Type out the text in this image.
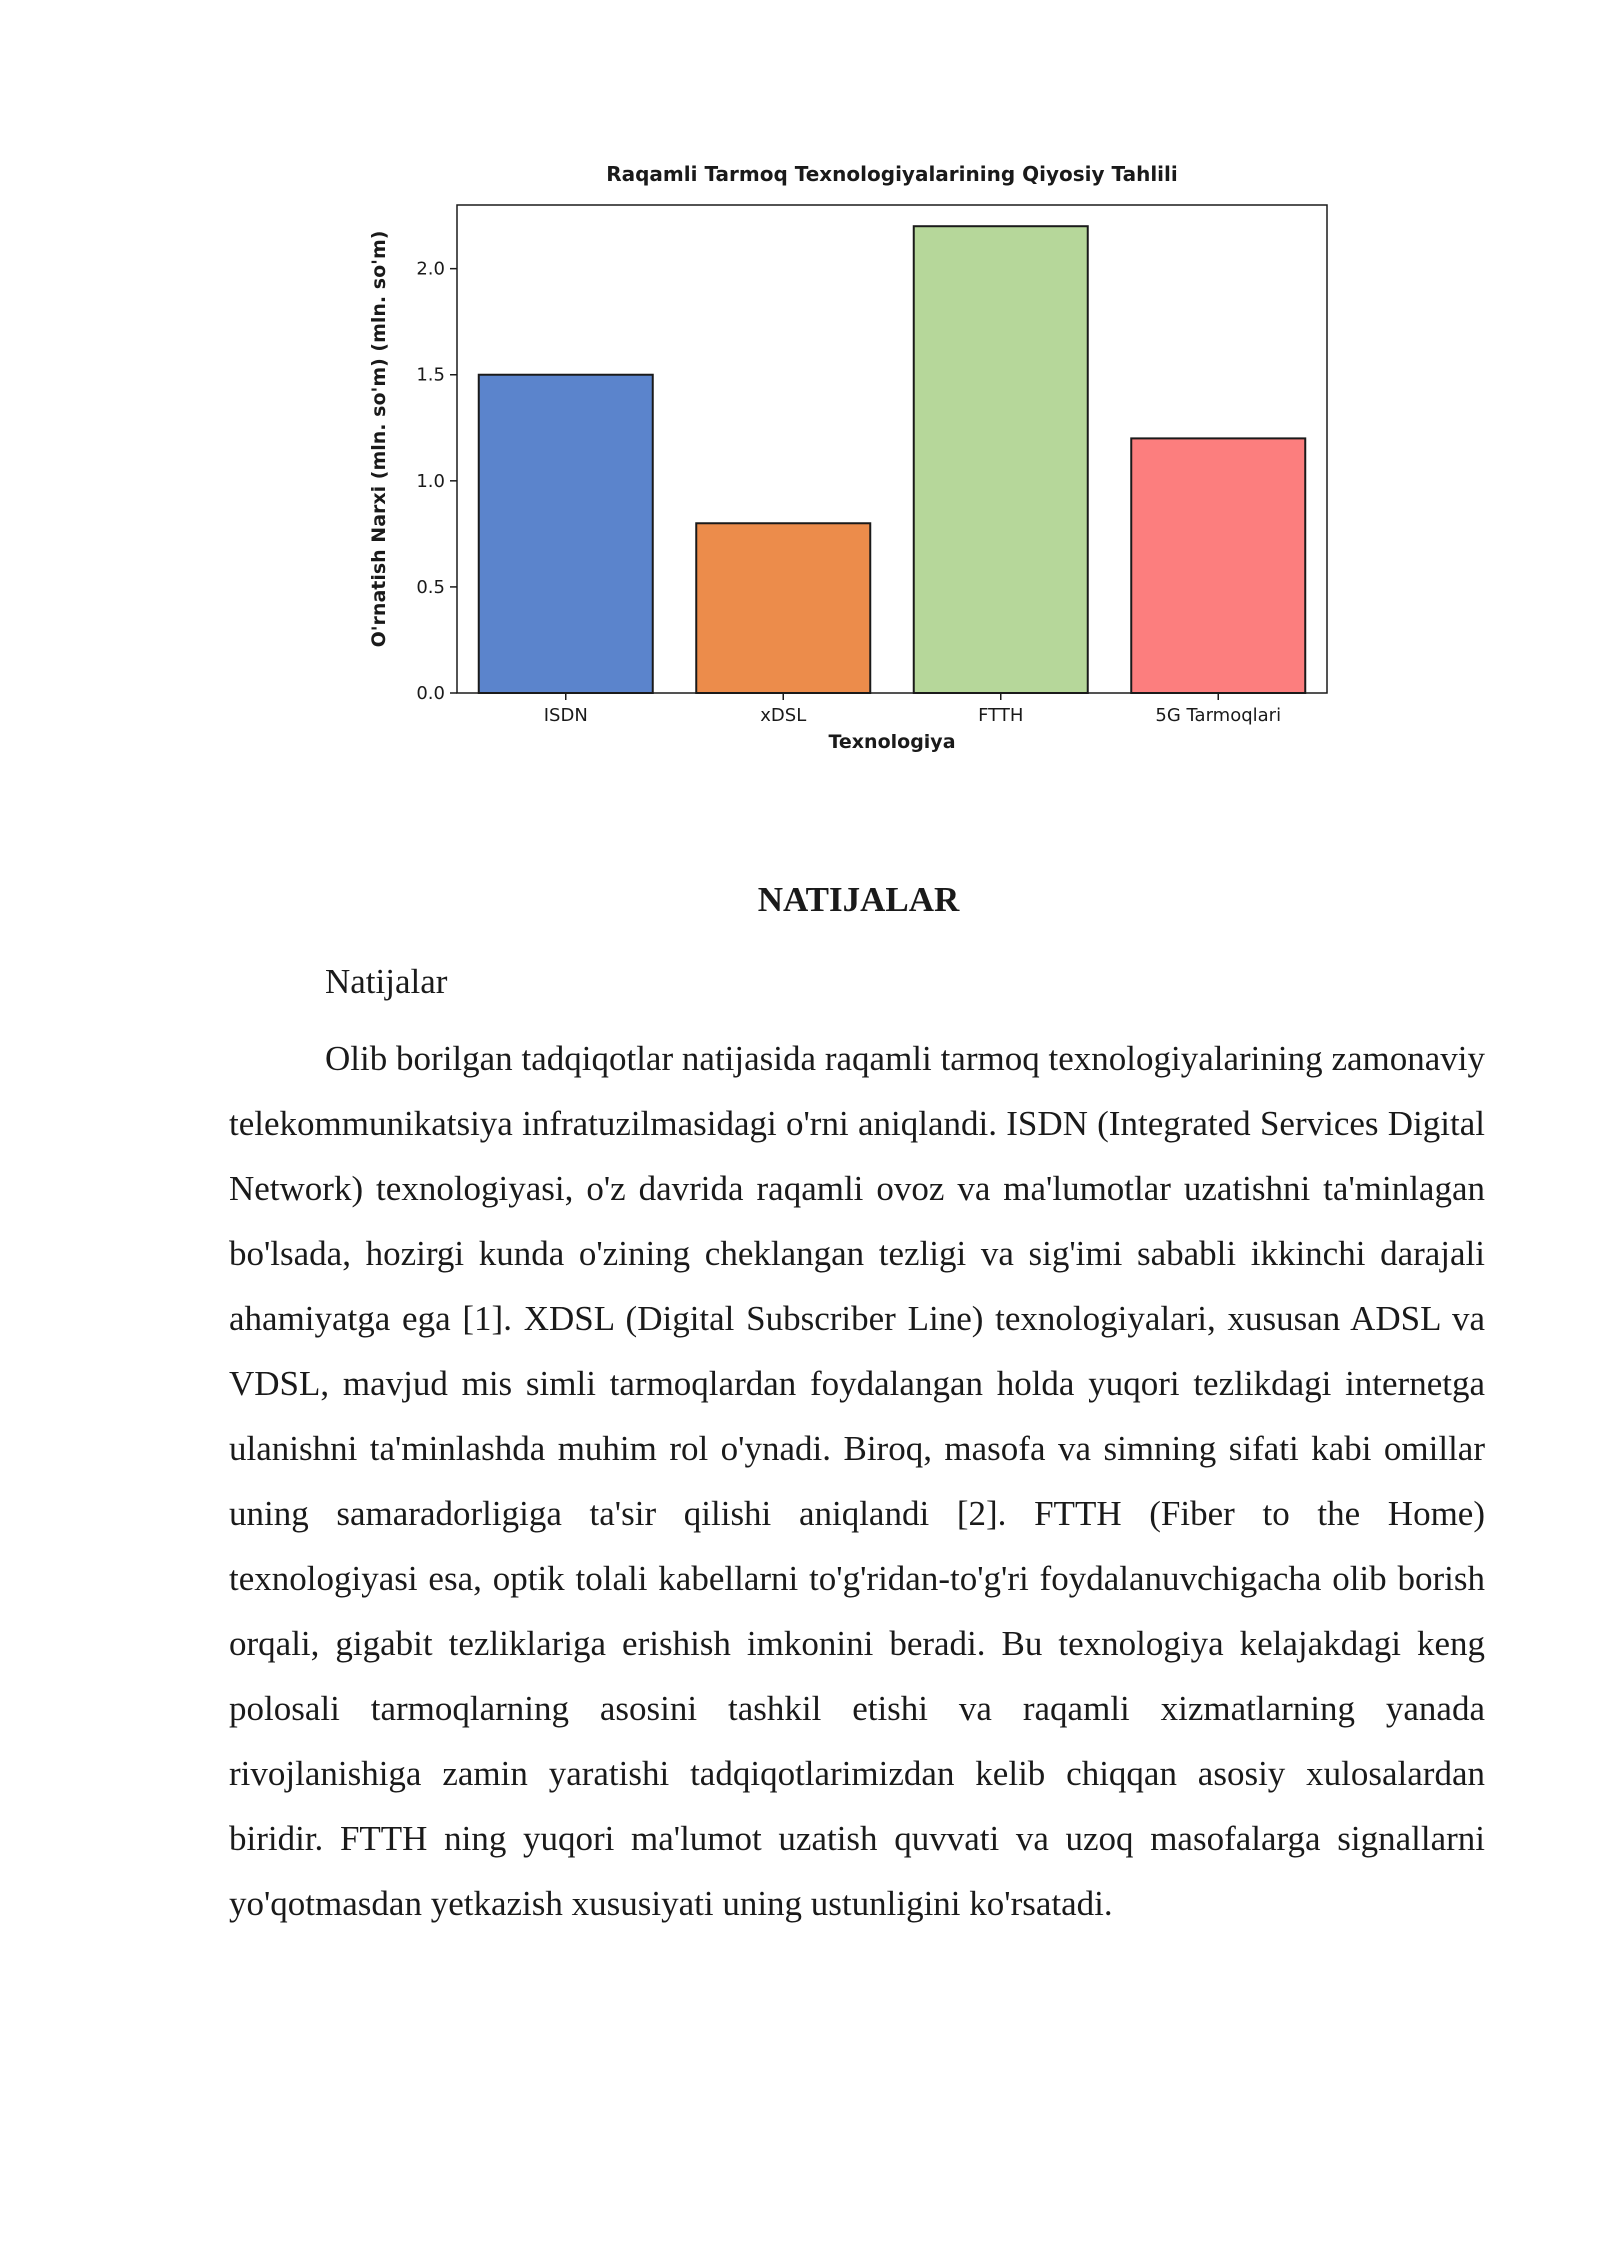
Raqamli Tarmoq Texnologiyalarining Qiyosiy Tahlili
0.0
0.5
1.0
1.5
2.0
ISDN	xDSL	FTTH	5G Tarmoqlari
Texnologiya
O'rnatish Narxi (mln. so'm) (mln. so'm)
NATIJALAR
Natijalar

Olib borilgan tadqiqotlar natijasida raqamli tarmoq texnologiyalarining zamonaviy telekommunikatsiya infratuzilmasidagi o'rni aniqlandi. ISDN (Integrated Services Digital Network) texnologiyasi, o'z davrida raqamli ovoz va ma'lumotlar uzatishni ta'minlagan bo'lsada, hozirgi kunda o'zining cheklangan tezligi va sig'imi sababli ikkinchi darajali ahamiyatga ega [1]. XDSL (Digital Subscriber Line) texnologiyalari, xususan ADSL va VDSL, mavjud mis simli tarmoqlardan foydalangan holda yuqori tezlikdagi internetga ulanishni ta'minlashda muhim rol o'ynadi. Biroq, masofa va simning sifati kabi omillar uning samaradorligiga ta'sir qilishi aniqlandi [2]. FTTH (Fiber to the Home) texnologiyasi esa, optik tolali kabellarni to'g'ridan-to'g'ri foydalanuvchigacha olib borish orqali, gigabit tezliklariga erishish imkonini beradi. Bu texnologiya kelajakdagi keng polosali tarmoqlarning asosini tashkil etishi va raqamli xizmatlarning yanada rivojlanishiga zamin yaratishi tadqiqotlarimizdan kelib chiqqan asosiy xulosalardan biridir. FTTH ning yuqori ma'lumot uzatish quvvati va uzoq masofalarga signallarni yo'qotmasdan yetkazish xususiyati uning ustunligini ko'rsatadi.
